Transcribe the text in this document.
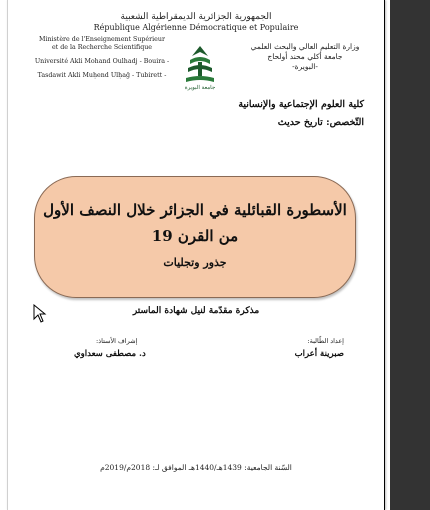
الجمهورية الجزائرية الديمقراطية الشعبية
République Algérienne Démocratique et Populaire
Ministère de l'Enseignement Supérieur
et de la Recherche Scientifique
Université Akli Mohand Oulhadj - Bouira -
Tasdawit Akli Muḥend Ulḥağ - Tubirett -
جامعة البويرة
وزارة التعليم العالي والبحث العلمي
جامعة أكلي محند أولحاج
-البويرة-
كلية العلوم الإجتماعية والإنسانية
التّخصص: تاريخ حديث
الأسطورة القبائلية في الجزائر خلال النصف الأول
من القرن 19
جذور وتجليات
مذكرة مقدّمة لنيل شهادة الماستر
إعداد الطّالبة:
صبرينة أعراب
إشراف الأستاذ:
د. مصطفى سعداوي
السّنة الجامعية: 1439هـ/1440هـ الموافق لـ: 2018م/2019م
